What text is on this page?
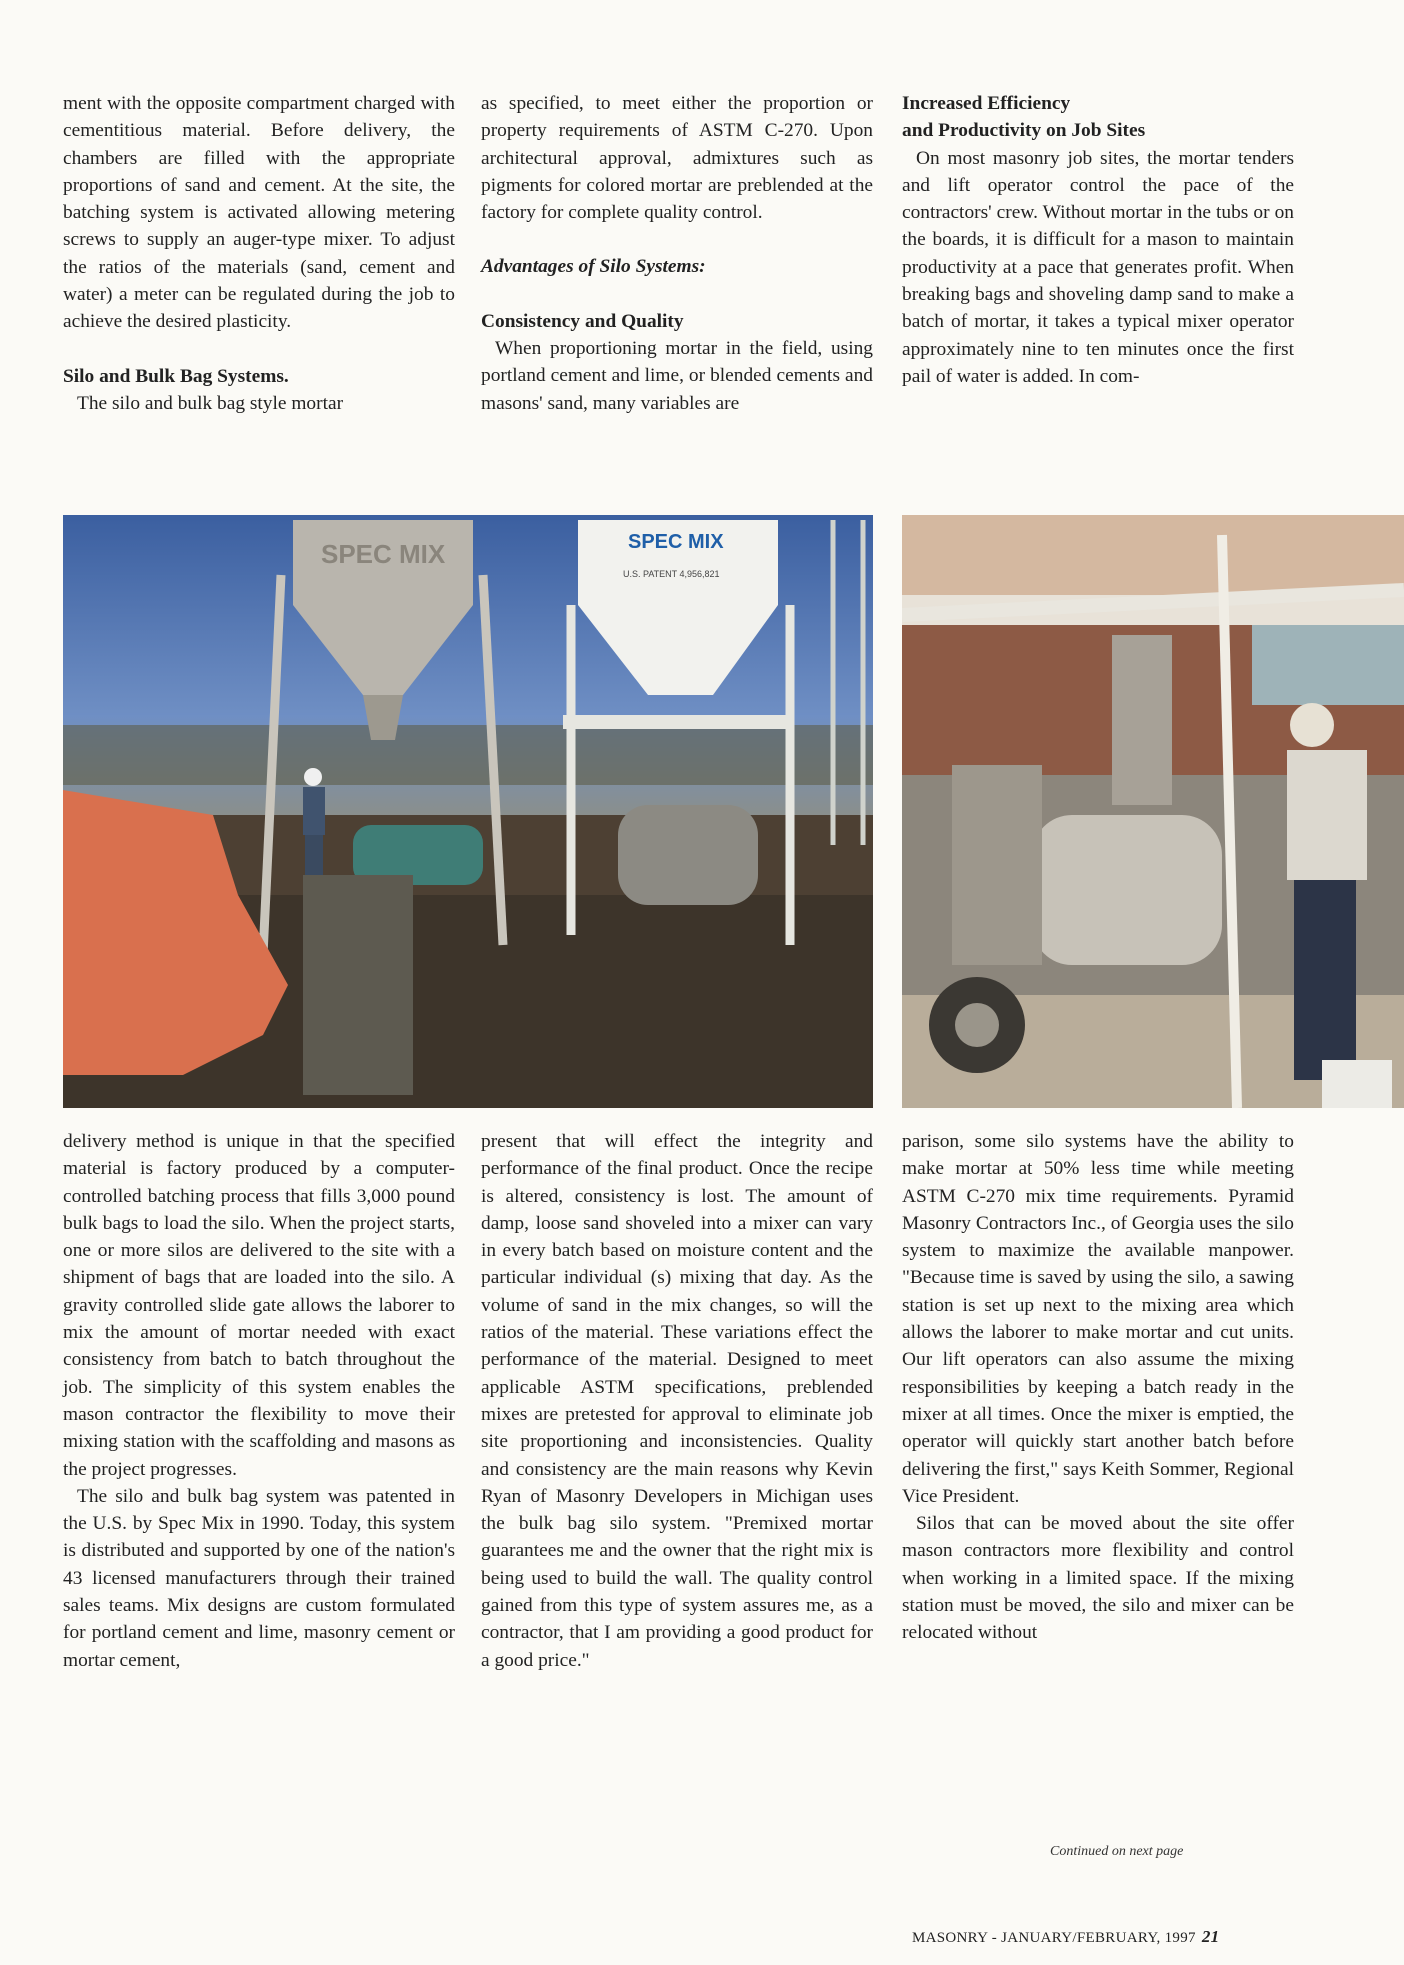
ment with the opposite compartment charged with cementitious material. Before delivery, the chambers are filled with the appropriate proportions of sand and cement. At the site, the batching system is activated allowing metering screws to supply an auger-type mixer. To adjust the ratios of the materials (sand, cement and water) a meter can be regulated during the job to achieve the desired plasticity.

Silo and Bulk Bag Systems.

The silo and bulk bag style mortar

as specified, to meet either the proportion or property requirements of ASTM C-270. Upon architectural approval, admixtures such as pigments for colored mortar are preblended at the factory for complete quality control.

Advantages of Silo Systems:

Consistency and Quality

When proportioning mortar in the field, using portland cement and lime, or blended cements and masons' sand, many variables are

Increased Efficiency
and Productivity on Job Sites

On most masonry job sites, the mortar tenders and lift operator control the pace of the contractors' crew. Without mortar in the tubs or on the boards, it is difficult for a mason to maintain productivity at a pace that generates profit. When breaking bags and shoveling damp sand to make a batch of mortar, it takes a typical mixer operator approximately nine to ten minutes once the first pail of water is added. In com-

SPEC MIX	SPEC MIX
U.S. PATENT 4,956,821

delivery method is unique in that the specified material is factory produced by a computer-controlled batching process that fills 3,000 pound bulk bags to load the silo. When the project starts, one or more silos are delivered to the site with a shipment of bags that are loaded into the silo. A gravity controlled slide gate allows the laborer to mix the amount of mortar needed with exact consistency from batch to batch throughout the job. The simplicity of this system enables the mason contractor the flexibility to move their mixing station with the scaffolding and masons as the project progresses.

The silo and bulk bag system was patented in the U.S. by Spec Mix in 1990. Today, this system is distributed and supported by one of the nation's 43 licensed manufacturers through their trained sales teams. Mix designs are custom formulated for portland cement and lime, masonry cement or mortar cement,

present that will effect the integrity and performance of the final product. Once the recipe is altered, consistency is lost. The amount of damp, loose sand shoveled into a mixer can vary in every batch based on moisture content and the particular individual (s) mixing that day. As the volume of sand in the mix changes, so will the ratios of the material. These variations effect the performance of the material. Designed to meet applicable ASTM specifications, preblended mixes are pretested for approval to eliminate job site proportioning and inconsistencies. Quality and consistency are the main reasons why Kevin Ryan of Masonry Developers in Michigan uses the bulk bag silo system. "Premixed mortar guarantees me and the owner that the right mix is being used to build the wall. The quality control gained from this type of system assures me, as a contractor, that I am providing a good product for a good price."

parison, some silo systems have the ability to make mortar at 50% less time while meeting ASTM C-270 mix time requirements. Pyramid Masonry Contractors Inc., of Georgia uses the silo system to maximize the available manpower. "Because time is saved by using the silo, a sawing station is set up next to the mixing area which allows the laborer to make mortar and cut units. Our lift operators can also assume the mixing responsibilities by keeping a batch ready in the mixer at all times. Once the mixer is emptied, the operator will quickly start another batch before delivering the first," says Keith Sommer, Regional Vice President.

Silos that can be moved about the site offer mason contractors more flexibility and control when working in a limited space. If the mixing station must be moved, the silo and mixer can be relocated without

Continued on next page
MASONRY - JANUARY/FEBRUARY, 1997 21
